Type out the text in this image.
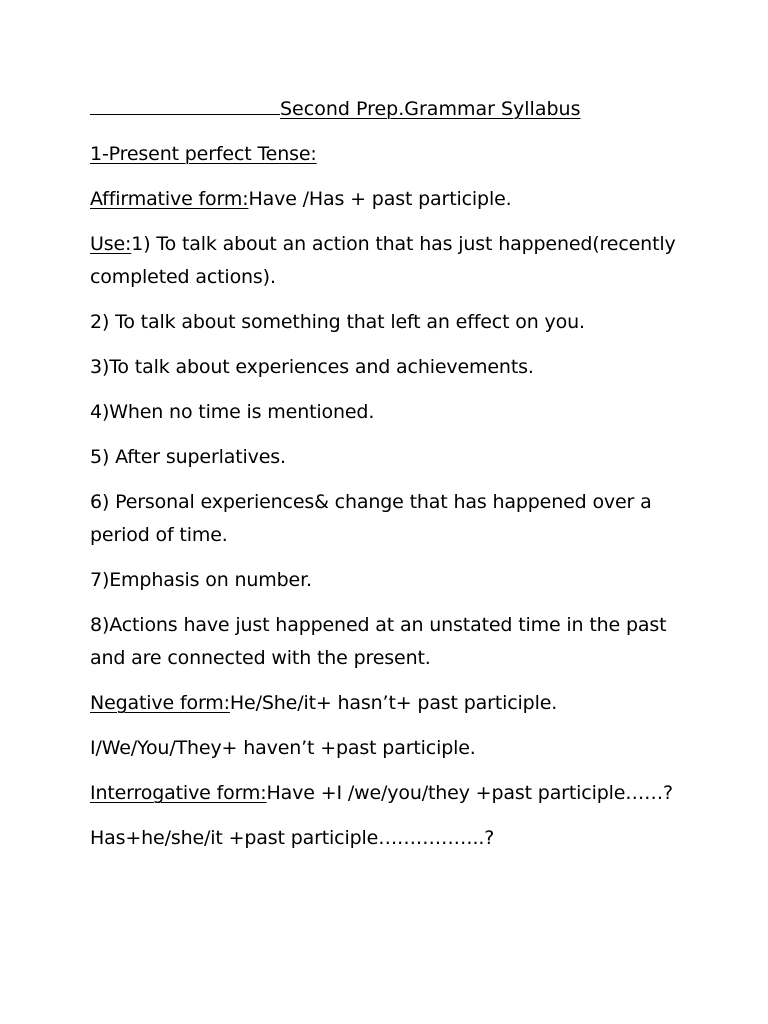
Second Prep.Grammar Syllabus

1-Present perfect Tense:

Affirmative form:Have /Has + past participle.

Use:1) To talk about an action that has just happened(recently completed actions).

2) To talk about something that left an effect on you.

3)To talk about experiences and achievements.

4)When no time is mentioned.

5) After superlatives.

6) Personal experiences& change that has happened over a period of time.

7)Emphasis on number.

8)Actions have just happened at an unstated time in the past and are connected with the present.

Negative form:He/She/it+ hasn’t+ past participle.

I/We/You/They+ haven’t +past participle.

Interrogative form:Have +I /we/you/they +past participle……?

Has+he/she/it +past participle……………..?
